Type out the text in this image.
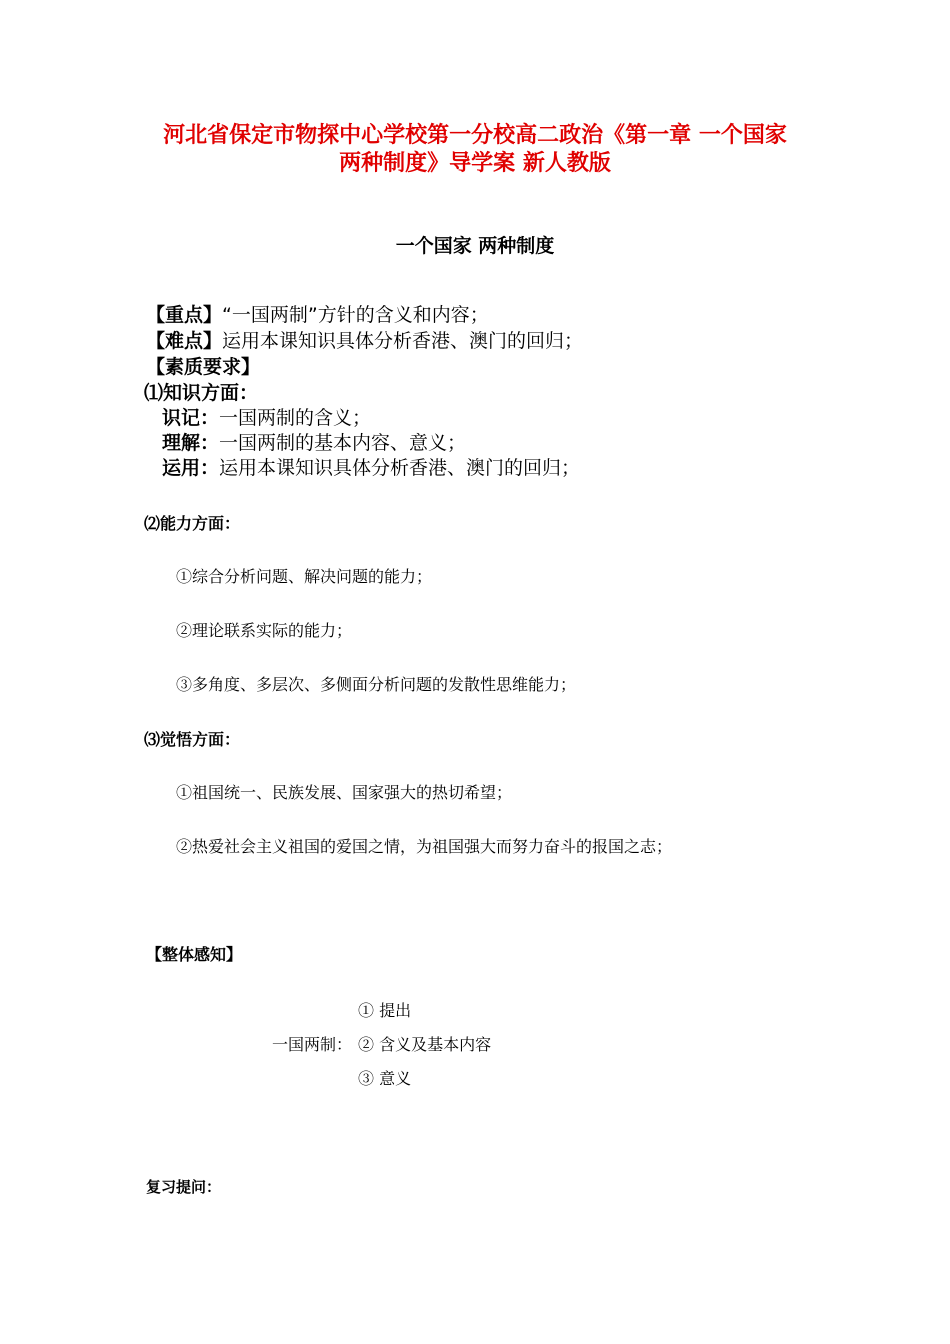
河北省保定市物探中心学校第一分校高二政治《第一章 一个国家
两种制度》导学案 新人教版
一个国家 两种制度
【重点】“一国两制”方针的含义和内容；
【难点】运用本课知识具体分析香港、澳门的回归；
【素质要求】
⑴知识方面：
识记：一国两制的含义；
理解：一国两制的基本内容、意义；
运用：运用本课知识具体分析香港、澳门的回归；
⑵能力方面：
①综合分析问题、解决问题的能力；
②理论联系实际的能力；
③多角度、多层次、多侧面分析问题的发散性思维能力；
⑶觉悟方面：
①祖国统一、民族发展、国家强大的热切希望；
②热爱社会主义祖国的爱国之情，为祖国强大而努力奋斗的报国之志；
【整体感知】
① 提出
一国两制： ② 含义及基本内容
③ 意义
复习提问：
